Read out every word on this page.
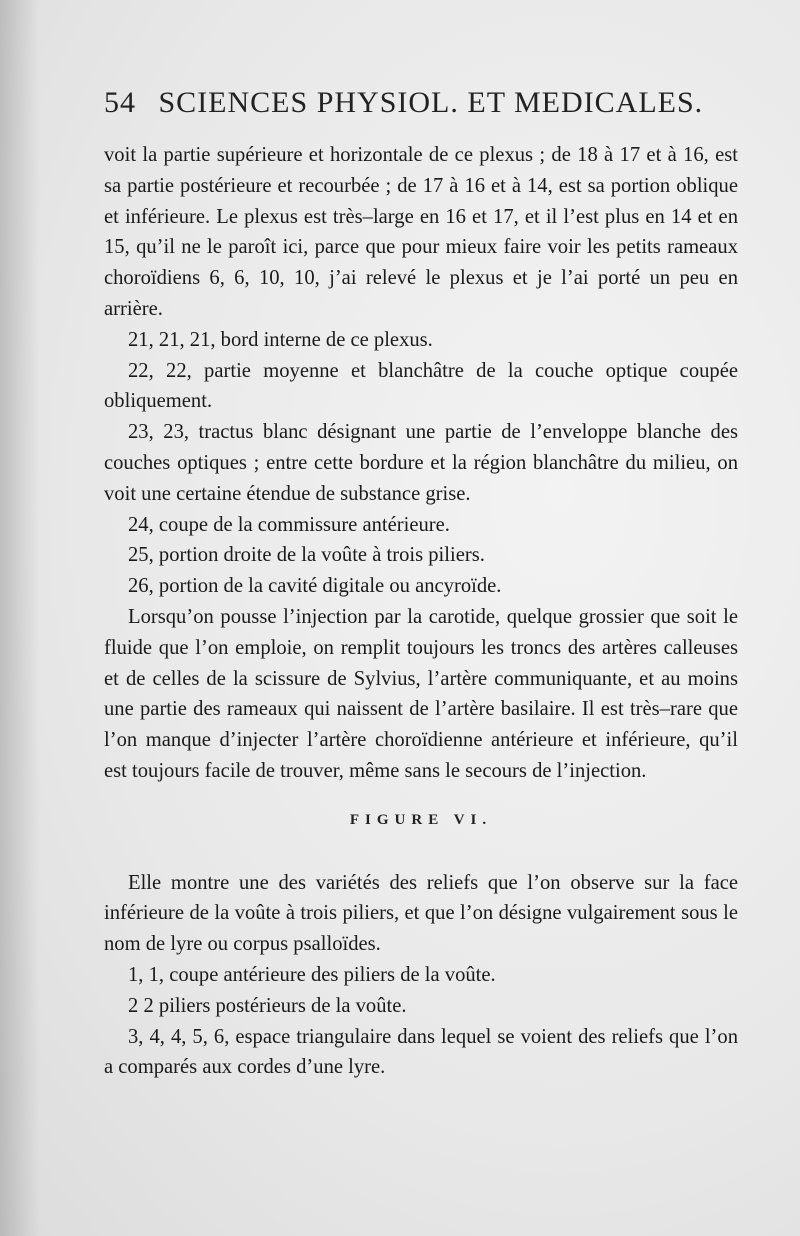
54 SCIENCES PHYSIOL. ET MEDICALES.

voit la partie supérieure et horizontale de ce plexus ; de 18 à 17 et à 16, est sa partie postérieure et recourbée ; de 17 à 16 et à 14, est sa portion oblique et inférieure. Le plexus est très–large en 16 et 17, et il l’est plus en 14 et en 15, qu’il ne le paroît ici, parce que pour mieux faire voir les petits rameaux choroïdiens 6, 6, 10, 10, j’ai relevé le plexus et je l’ai porté un peu en arrière.

21, 21, 21, bord interne de ce plexus.

22, 22, partie moyenne et blanchâtre de la couche optique coupée obliquement.

23, 23, tractus blanc désignant une partie de l’enveloppe blanche des couches optiques ; entre cette bordure et la région blanchâtre du milieu, on voit une certaine étendue de substance grise.

24, coupe de la commissure antérieure.

25, portion droite de la voûte à trois piliers.

26, portion de la cavité digitale ou ancyroïde.

Lorsqu’on pousse l’injection par la carotide, quelque grossier que soit le fluide que l’on emploie, on remplit toujours les troncs des artères calleuses et de celles de la scissure de Sylvius, l’artère communiquante, et au moins une partie des rameaux qui naissent de l’artère basilaire. Il est très–rare que l’on manque d’injecter l’artère choroïdienne antérieure et inférieure, qu’il est toujours facile de trouver, même sans le secours de l’injection.

FIGURE VI.

Elle montre une des variétés des reliefs que l’on observe sur la face inférieure de la voûte à trois piliers, et que l’on désigne vulgairement sous le nom de lyre ou corpus psalloïdes.

1, 1, coupe antérieure des piliers de la voûte.

2 2 piliers postérieurs de la voûte.

3, 4, 4, 5, 6, espace triangulaire dans lequel se voient des reliefs que l’on a comparés aux cordes d’une lyre.
